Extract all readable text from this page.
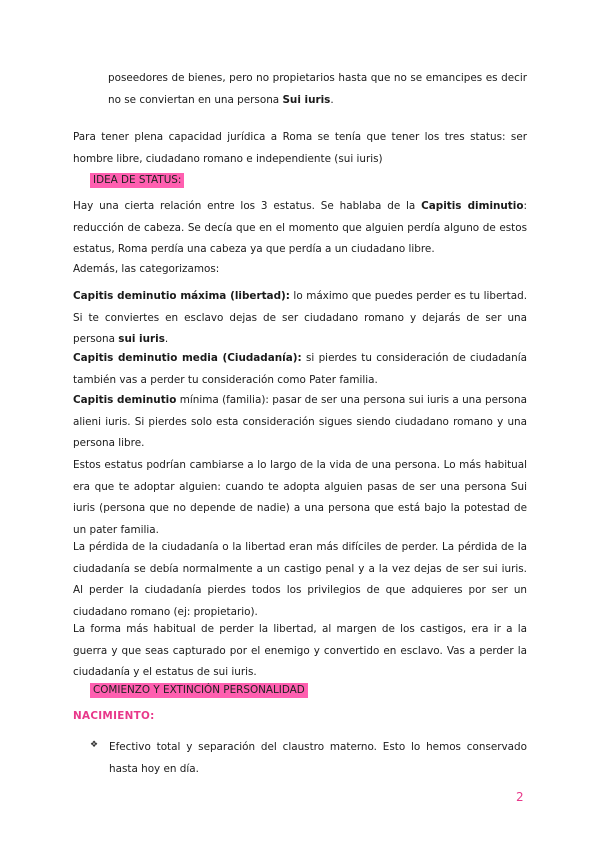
poseedores de bienes, pero no propietarios hasta que no se emancipes es decir no se conviertan en una persona Sui iuris.

Para tener plena capacidad jurídica a Roma se tenía que tener los tres status: ser hombre libre, ciudadano romano e independiente (sui iuris)

IDEA DE STATUS:

Hay una cierta relación entre los 3 estatus. Se hablaba de la Capitis diminutio: reducción de cabeza. Se decía que en el momento que alguien perdía alguno de estos estatus, Roma perdía una cabeza ya que perdía a un ciudadano libre.

Además, las categorizamos:

Capitis deminutio máxima (libertad): lo máximo que puedes perder es tu libertad. Si te conviertes en esclavo dejas de ser ciudadano romano y dejarás de ser una persona sui iuris.

Capitis deminutio media (Ciudadanía): si pierdes tu consideración de ciudadanía también vas a perder tu consideración como Pater familia.

Capitis deminutio mínima (familia): pasar de ser una persona sui iuris a una persona alieni iuris. Si pierdes solo esta consideración sigues siendo ciudadano romano y una persona libre.

Estos estatus podrían cambiarse a lo largo de la vida de una persona. Lo más habitual era que te adoptar alguien: cuando te adopta alguien pasas de ser una persona Sui iuris (persona que no depende de nadie) a una persona que está bajo la potestad de un pater familia.

La pérdida de la ciudadanía o la libertad eran más difíciles de perder. La pérdida de la ciudadanía se debía normalmente a un castigo penal y a la vez dejas de ser sui iuris. Al perder la ciudadanía pierdes todos los privilegios de que adquieres por ser un ciudadano romano (ej: propietario).

La forma más habitual de perder la libertad, al margen de los castigos, era ir a la guerra y que seas capturado por el enemigo y convertido en esclavo. Vas a perder la ciudadanía y el estatus de sui iuris.

COMIENZO Y EXTINCIÓN PERSONALIDAD
NACIMIENTO:
❖ Efectivo total y separación del claustro materno. Esto lo hemos conservado hasta hoy en día.

2
